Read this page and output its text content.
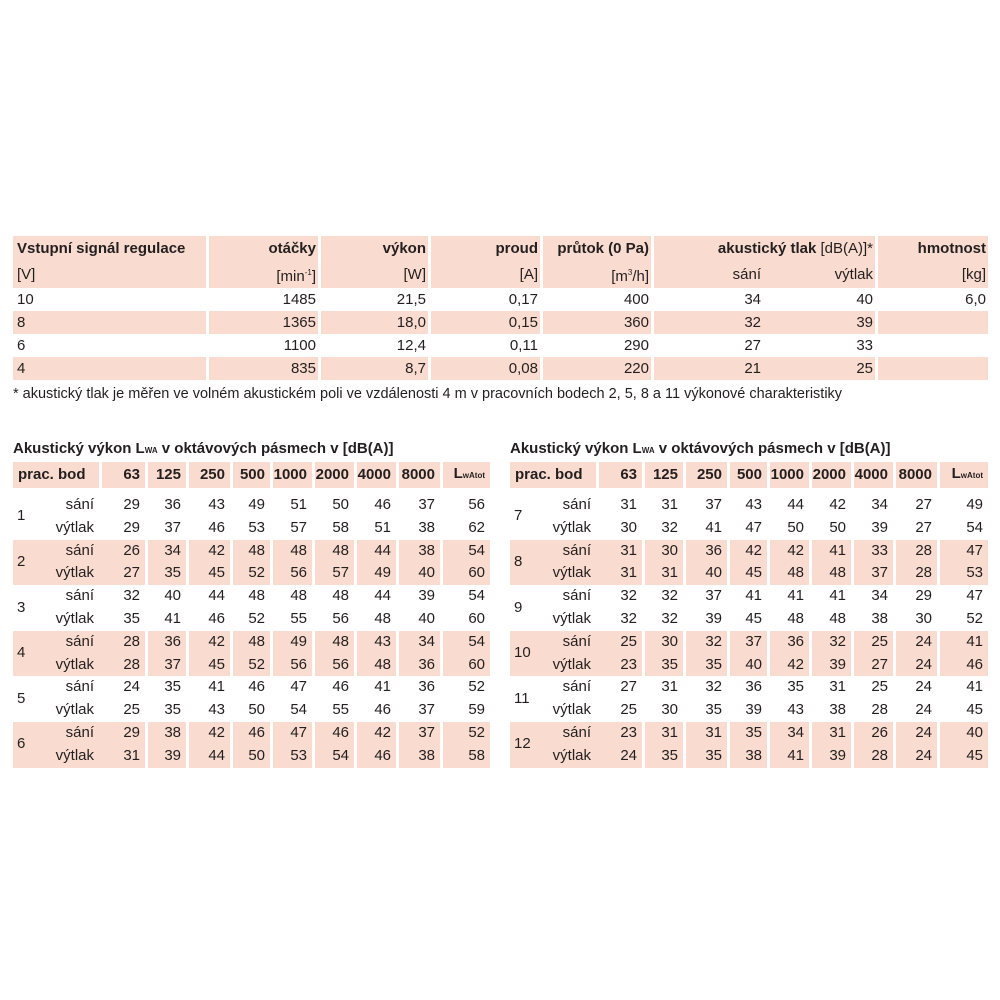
Vstupní signál regulace	otáčky	výkon	proud	průtok (0 Pa)	akustický tlak [dB(A)]*		hmotnost
[V]	$[\min^{-1}]$	[W]	[A]	$[m^3/h]$	sání	výtlak	[kg]
10	1485	21,5	0,17	400	34	40	6,0
8	1365	18,0	0,15	360	32	39	
6	1100	12,4	0,11	290	27	33	
4	835	8,7	0,08	220	21	25	
* akustický tlak je měřen ve volném akustickém poli ve vzdálenosti 4 m v pracovních bodech 2, 5, 8 a 11 výkonové charakteristiky
Akustický výkon LWA v oktávových pásmech v [dB(A)]	Akustický výkon LWA v oktávových pásmech v [dB(A)]
prac. bod		63	125	250	500	1000	2000	4000	8000	LwAtot

1	sání	29	36	43	49	51	50	46	37	56
	výtlak	29	37	46	53	57	58	51	38	62
2	sání	26	34	42	48	48	48	44	38	54
	výtlak	27	35	45	52	56	57	49	40	60
3	sání	32	40	44	48	48	48	44	39	54
	výtlak	35	41	46	52	55	56	48	40	60
4	sání	28	36	42	48	49	48	43	34	54
	výtlak	28	37	45	52	56	56	48	36	60
5	sání	24	35	41	46	47	46	41	36	52
	výtlak	25	35	43	50	54	55	46	37	59
6	sání	29	38	42	46	47	46	42	37	52
	výtlak	31	39	44	50	53	54	46	38	58
prac. bod		63	125	250	500	1000	2000	4000	8000	LwAtot

7	sání	31	31	37	43	44	42	34	27	49
	výtlak	30	32	41	47	50	50	39	27	54
8	sání	31	30	36	42	42	41	33	28	47
	výtlak	31	31	40	45	48	48	37	28	53
9	sání	32	32	37	41	41	41	34	29	47
	výtlak	32	32	39	45	48	48	38	30	52
10	sání	25	30	32	37	36	32	25	24	41
	výtlak	23	35	35	40	42	39	27	24	46
11	sání	27	31	32	36	35	31	25	24	41
	výtlak	25	30	35	39	43	38	28	24	45
12	sání	23	31	31	35	34	31	26	24	40
	výtlak	24	35	35	38	41	39	28	24	45
